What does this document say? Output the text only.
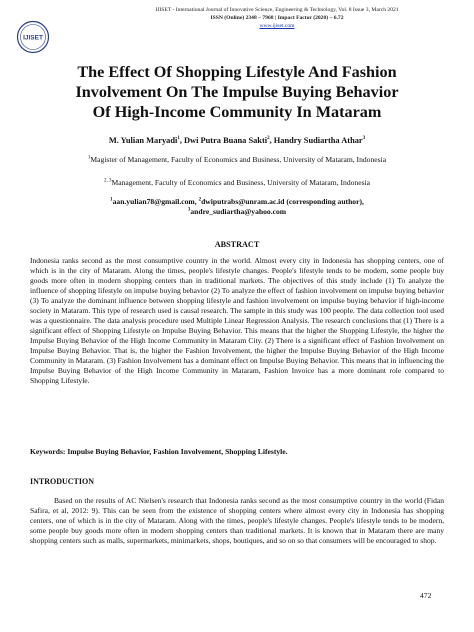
IJISET
IJISET - International Journal of Innovative Science, Engineering & Technology, Vol. 8 Issue 3, March 2021
ISSN (Online) 2348 – 7968 | Impact Factor (2020) – 6.72
www.ijiset.com
The Effect Of Shopping Lifestyle And Fashion
Involvement On The Impulse Buying Behavior
Of High-Income Community In Mataram
M. Yulian Maryadi$^1$, Dwi Putra Buana Sakti$^2$, Handry Sudiartha Athar$^3$
$^1$Magister of Management, Faculty of Economics and Business, University of Mataram, Indonesia
$^{2, 3}$Management, Faculty of Economics and Business, University of Mataram, Indonesia
$^1$aan.yulian78@gmail.com, $^2$dwiputrabs@unram.ac.id (corresponding author),
$^3$andre_sudiartha@yahoo.com
ABSTRACT
Indonesia ranks second as the most consumptive country in the world. Almost every city in Indonesia has shopping centers, one of which is in the city of Mataram. Along the times, people's lifestyle changes. People's lifestyle tends to be modern, some people buy goods more often in modern shopping centers than in traditional markets. The objectives of this study include (1) To analyze the influence of shopping lifestyle on impulse buying behavior (2) To analyze the effect of fashion involvement on impulse buying behavior (3) To analyze the dominant influence between shopping lifestyle and fashion involvement on impulse buying behavior if high-income society in Mataram. This type of research used is causal research. The sample in this study was 100 people. The data collection tool used was a questionnaire. The data analysis procedure used Multiple Linear Regression Analysis. The research conclusions that (1) There is a significant effect of Shopping Lifestyle on Impulse Buying Behavior. This means that the higher the Shopping Lifestyle, the higher the Impulse Buying Behavior of the High Income Community in Mataram City. (2) There is a significant effect of Fashion Involvement on Impulse Buying Behavior. That is, the higher the Fashion Involvement, the higher the Impulse Buying Behavior of the High Income Community in Mataram. (3) Fashion Involvement has a dominant effect on Impulse Buying Behavior. This means that in influencing the Impulse Buying Behavior of the High Income Community in Mataram, Fashion Invoice has a more dominant role compared to Shopping Lifestyle.
Keywords: Impulse Buying Behavior, Fashion Involvement, Shopping Lifestyle.
INTRODUCTION
Based on the results of AC Nielsen's research that Indonesia ranks second as the most consumptive country in the world (Fidan Safira, et al, 2012: 9). This can be seen from the existence of shopping centers where almost every city in Indonesia has shopping centers, one of which is in the city of Mataram. Along with the times, people's lifestyle changes. People's lifestyle tends to be modern, some people buy goods more often in modern shopping centers than traditional markets. It is known that in Mataram there are many shopping centers such as malls, supermarkets, minimarkets, shops, boutiques, and so on so that consumers will be encouraged to shop.
472
